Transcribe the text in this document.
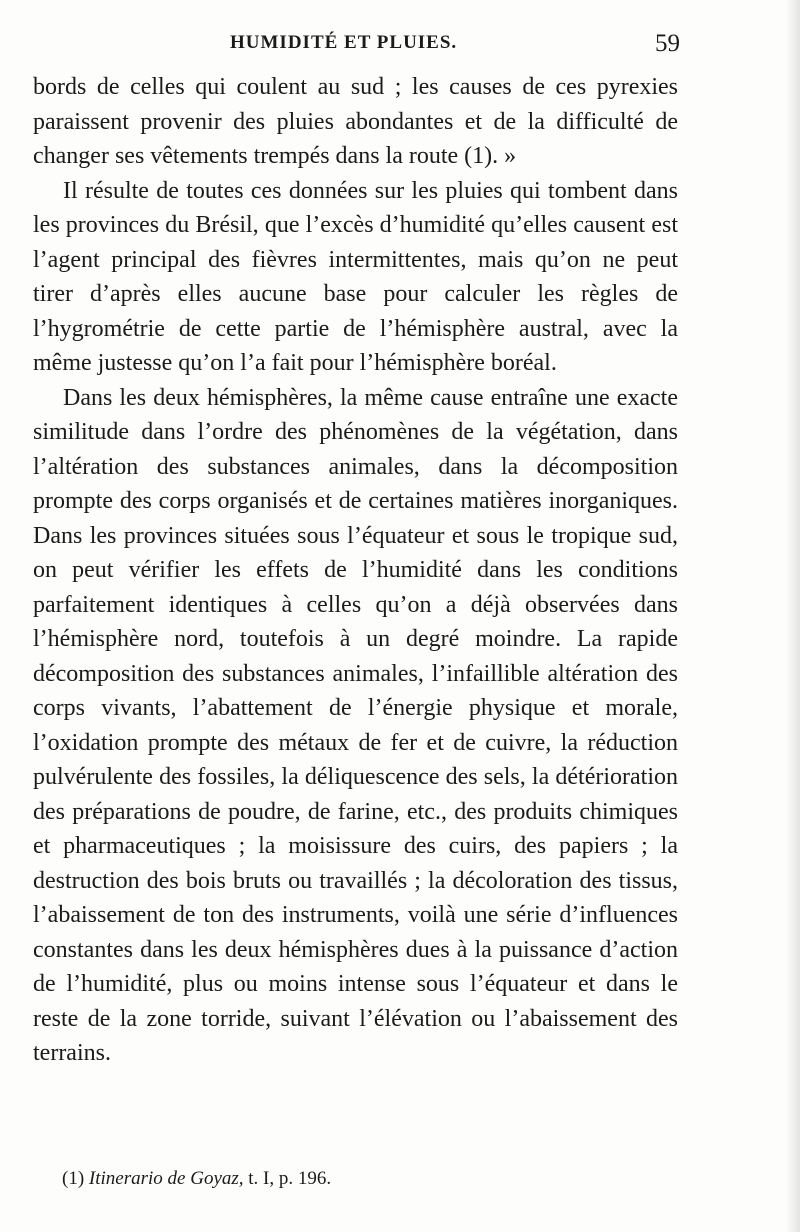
HUMIDITÉ ET PLUIES.	59

bords de celles qui coulent au sud ; les causes de ces pyrexies paraissent provenir des pluies abondantes et de la difficulté de changer ses vêtements trempés dans la route (1). »

Il résulte de toutes ces données sur les pluies qui tombent dans les provinces du Brésil, que l’excès d’humidité qu’elles causent est l’agent principal des fièvres intermittentes, mais qu’on ne peut tirer d’après elles aucune base pour calculer les règles de l’hygrométrie de cette partie de l’hémisphère austral, avec la même justesse qu’on l’a fait pour l’hémisphère boréal.

Dans les deux hémisphères, la même cause entraîne une exacte similitude dans l’ordre des phénomènes de la végétation, dans l’altération des substances animales, dans la décomposition prompte des corps organisés et de certaines matières inorganiques. Dans les provinces situées sous l’équateur et sous le tropique sud, on peut vérifier les effets de l’humidité dans les conditions parfaitement identiques à celles qu’on a déjà observées dans l’hémisphère nord, toutefois à un degré moindre. La rapide décomposition des substances animales, l’infaillible altération des corps vivants, l’abattement de l’énergie physique et morale, l’oxidation prompte des métaux de fer et de cuivre, la réduction pulvérulente des fossiles, la déliquescence des sels, la détérioration des préparations de poudre, de farine, etc., des produits chimiques et pharmaceutiques ; la moisissure des cuirs, des papiers ; la destruction des bois bruts ou travaillés ; la décoloration des tissus, l’abaissement de ton des instruments, voilà une série d’influences constantes dans les deux hémisphères dues à la puissance d’action de l’humidité, plus ou moins intense sous l’équateur et dans le reste de la zone torride, suivant l’élévation ou l’abaissement des terrains.

(1) Itinerario de Goyaz, t. I, p. 196.
